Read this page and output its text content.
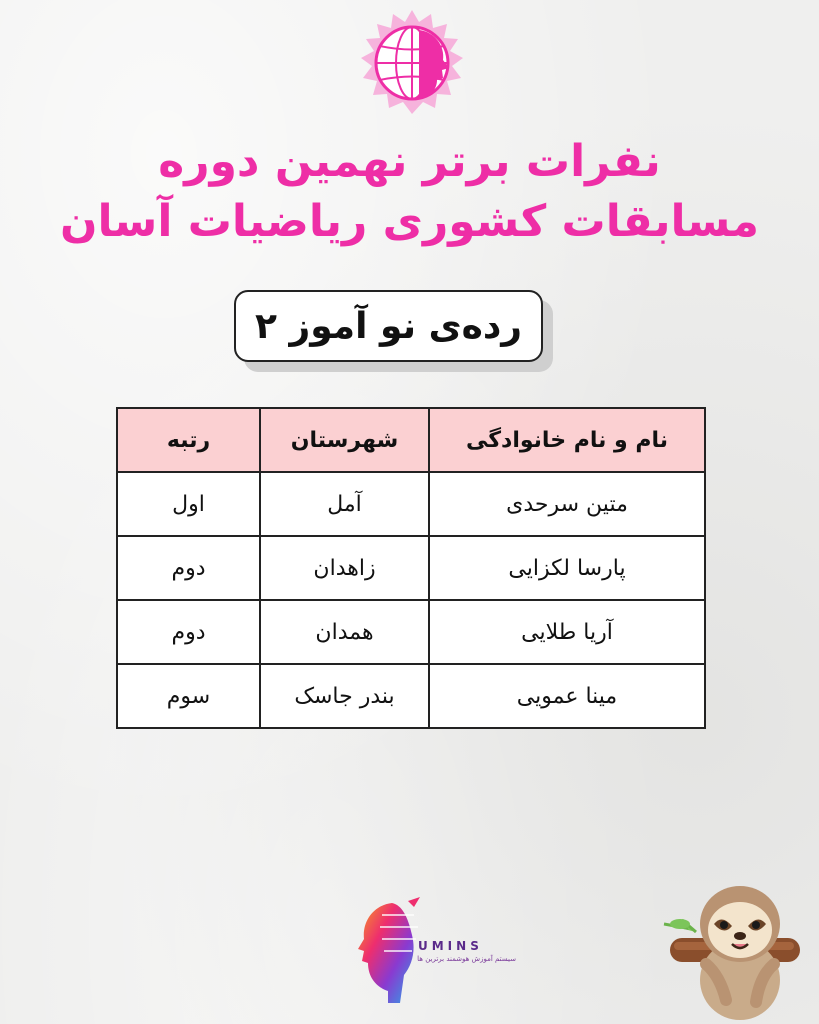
نفرات برتر نهمین دوره
مسابقات کشوری ریاضیات آسان
رده‌ی نو آموز ۲
نام و نام خانوادگی	شهرستان	رتبه
متین سرحدی	آمل	اول
پارسا لکزایی	زاهدان	دوم
آریا طلایی	همدان	دوم
مینا عمویی	بندر جاسک	سوم
UMINS
سیستم آموزش هوشمند برترین ها
